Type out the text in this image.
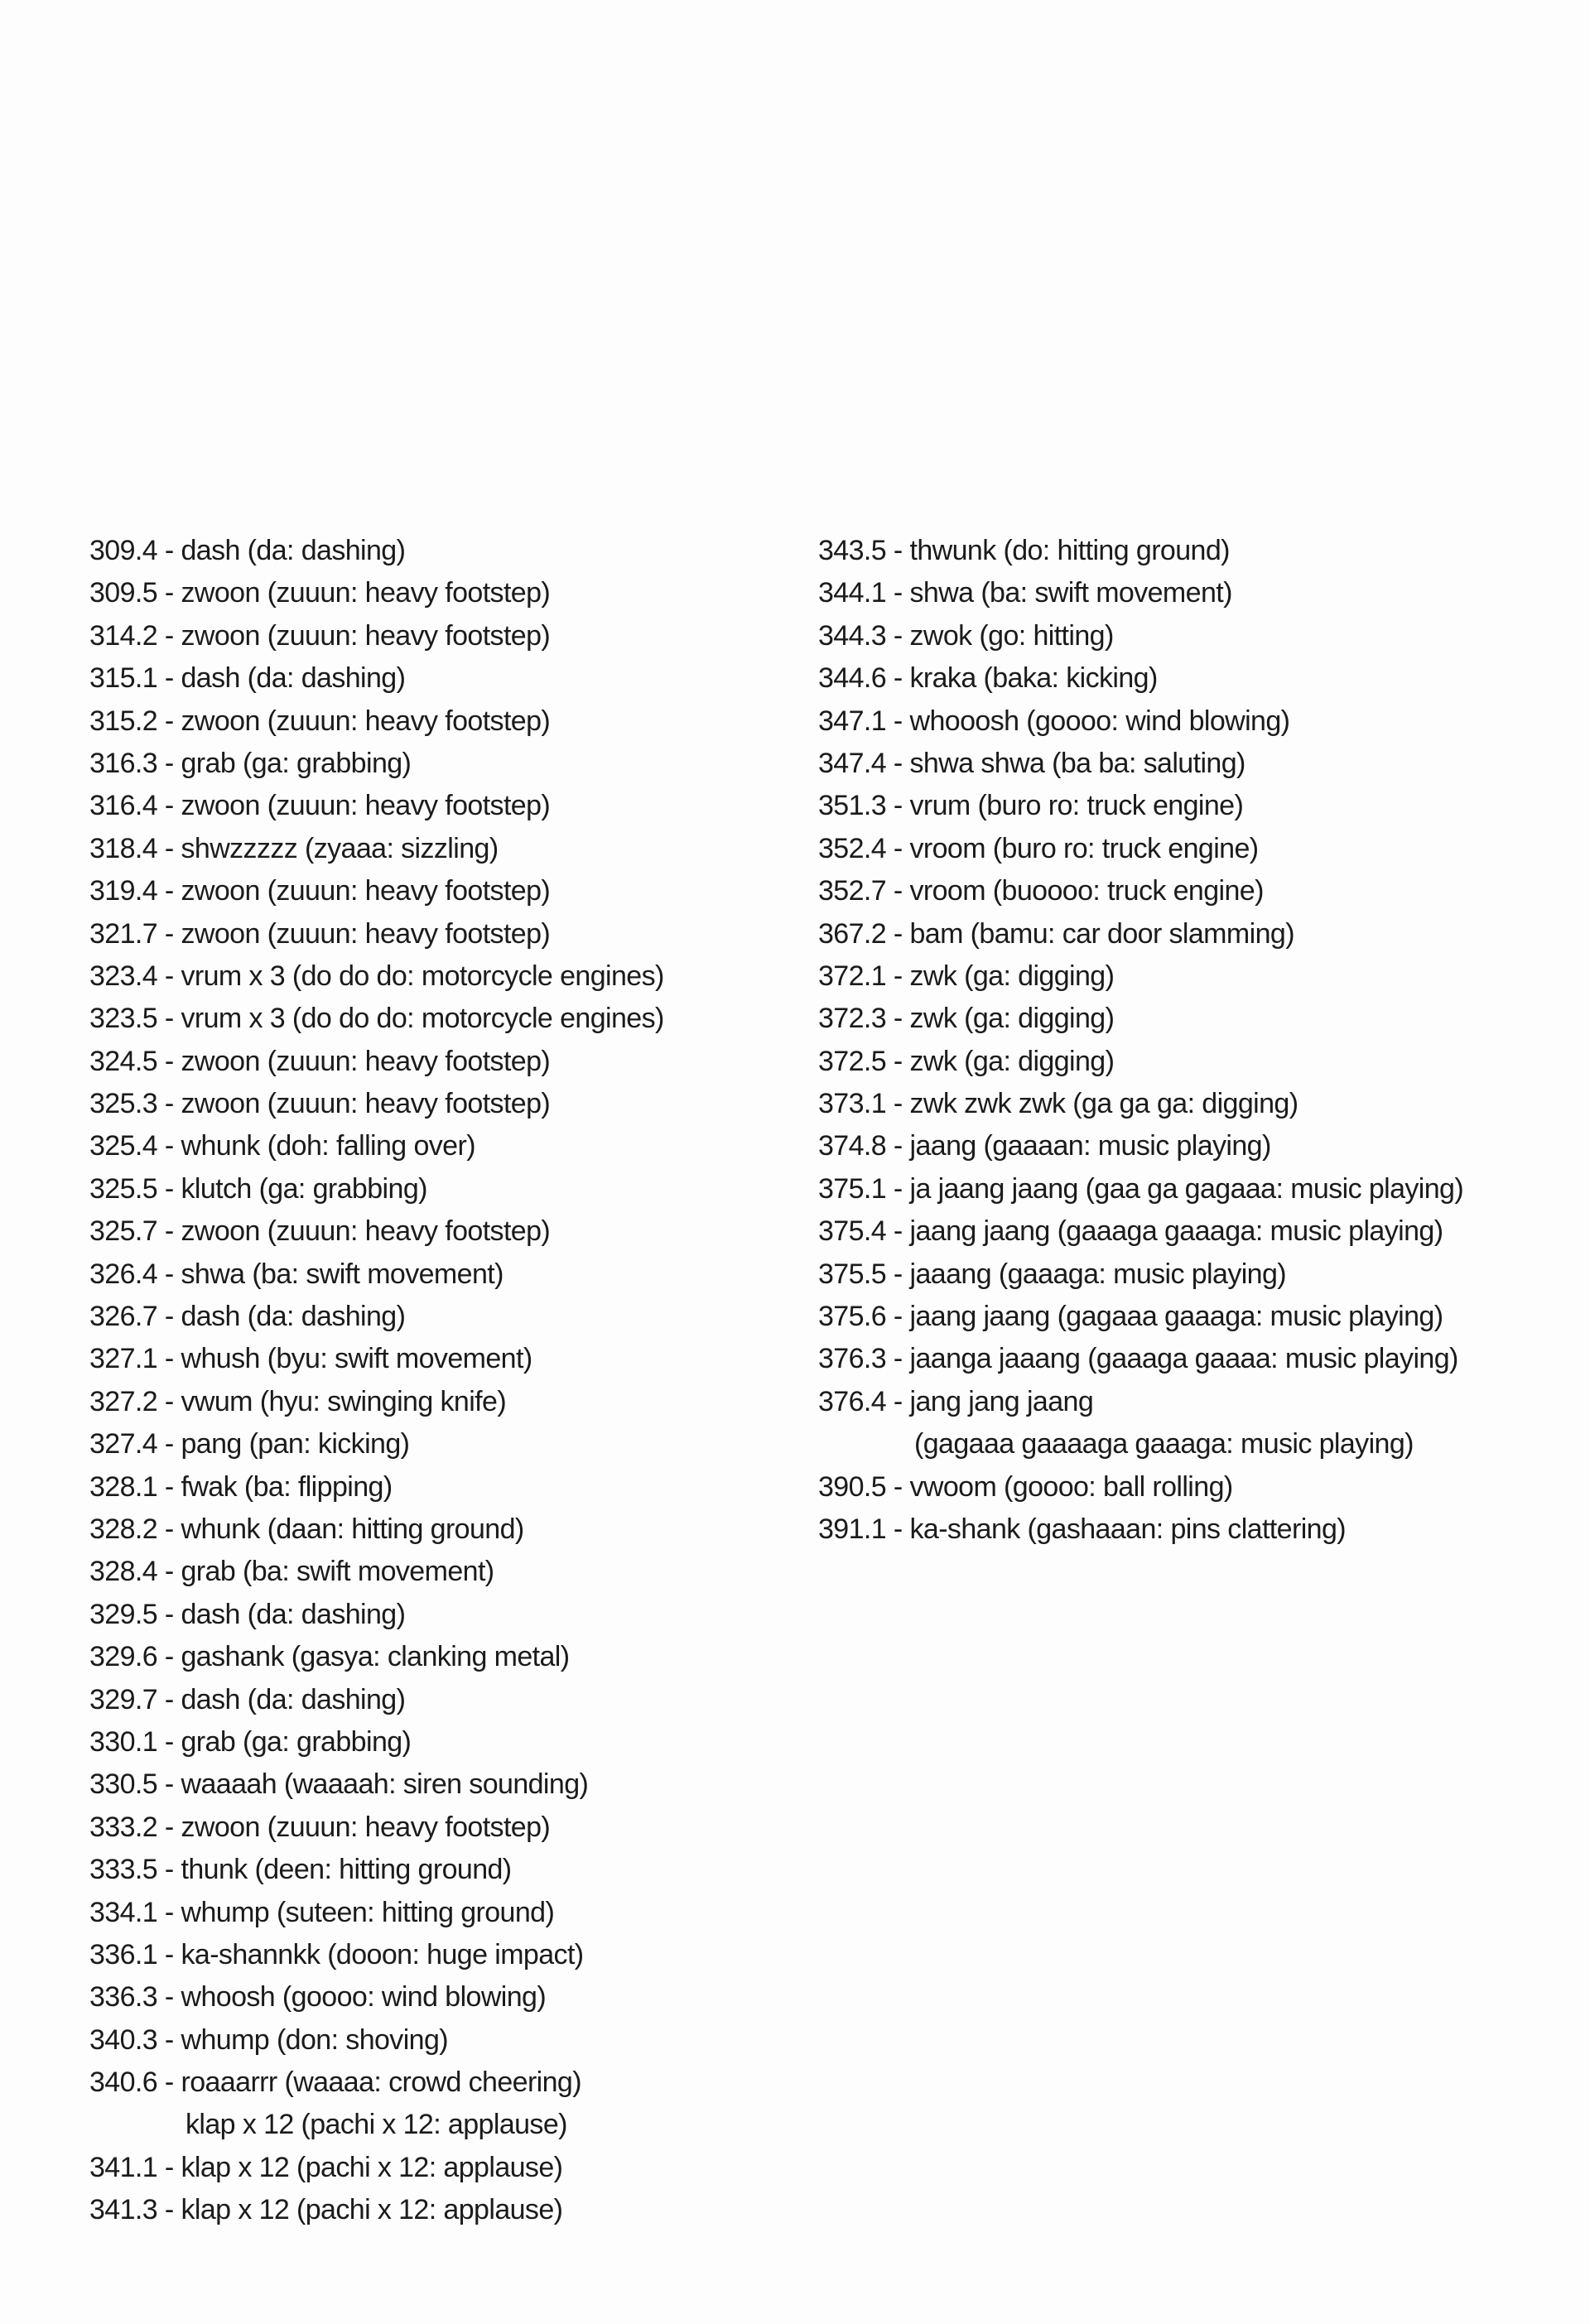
309.4 - dash (da: dashing)
309.5 - zwoon (zuuun: heavy footstep)
314.2 - zwoon (zuuun: heavy footstep)
315.1 - dash (da: dashing)
315.2 - zwoon (zuuun: heavy footstep)
316.3 - grab (ga: grabbing)
316.4 - zwoon (zuuun: heavy footstep)
318.4 - shwzzzzz (zyaaa: sizzling)
319.4 - zwoon (zuuun: heavy footstep)
321.7 - zwoon (zuuun: heavy footstep)
323.4 - vrum x 3 (do do do: motorcycle engines)
323.5 - vrum x 3 (do do do: motorcycle engines)
324.5 - zwoon (zuuun: heavy footstep)
325.3 - zwoon (zuuun: heavy footstep)
325.4 - whunk (doh: falling over)
325.5 - klutch (ga: grabbing)
325.7 - zwoon (zuuun: heavy footstep)
326.4 - shwa (ba: swift movement)
326.7 - dash (da: dashing)
327.1 - whush (byu: swift movement)
327.2 - vwum (hyu: swinging knife)
327.4 - pang (pan: kicking)
328.1 - fwak (ba: flipping)
328.2 - whunk (daan: hitting ground)
328.4 - grab (ba: swift movement)
329.5 - dash (da: dashing)
329.6 - gashank (gasya: clanking metal)
329.7 - dash (da: dashing)
330.1 - grab (ga: grabbing)
330.5 - waaaah (waaaah: siren sounding)
333.2 - zwoon (zuuun: heavy footstep)
333.5 - thunk (deen: hitting ground)
334.1 - whump (suteen: hitting ground)
336.1 - ka-shannkk (dooon: huge impact)
336.3 - whoosh (goooo: wind blowing)
340.3 - whump (don: shoving)
340.6 - roaaarrr (waaaa: crowd cheering)
klap x 12 (pachi x 12: applause)
341.1 - klap x 12 (pachi x 12: applause)
341.3 - klap x 12 (pachi x 12: applause)
343.5 - thwunk (do: hitting ground)
344.1 - shwa (ba: swift movement)
344.3 - zwok (go: hitting)
344.6 - kraka (baka: kicking)
347.1 - whooosh (goooo: wind blowing)
347.4 - shwa shwa (ba ba: saluting)
351.3 - vrum (buro ro: truck engine)
352.4 - vroom (buro ro: truck engine)
352.7 - vroom (buoooo: truck engine)
367.2 - bam (bamu: car door slamming)
372.1 - zwk (ga: digging)
372.3 - zwk (ga: digging)
372.5 - zwk (ga: digging)
373.1 - zwk zwk zwk (ga ga ga: digging)
374.8 - jaang (gaaaan: music playing)
375.1 - ja jaang jaang (gaa ga gagaaa: music playing)
375.4 - jaang jaang (gaaaga gaaaga: music playing)
375.5 - jaaang (gaaaga: music playing)
375.6 - jaang jaang (gagaaa gaaaga: music playing)
376.3 - jaanga jaaang (gaaaga gaaaa: music playing)
376.4 - jang jang jaang
(gagaaa gaaaaga gaaaga: music playing)
390.5 - vwoom (goooo: ball rolling)
391.1 - ka-shank (gashaaan: pins clattering)
